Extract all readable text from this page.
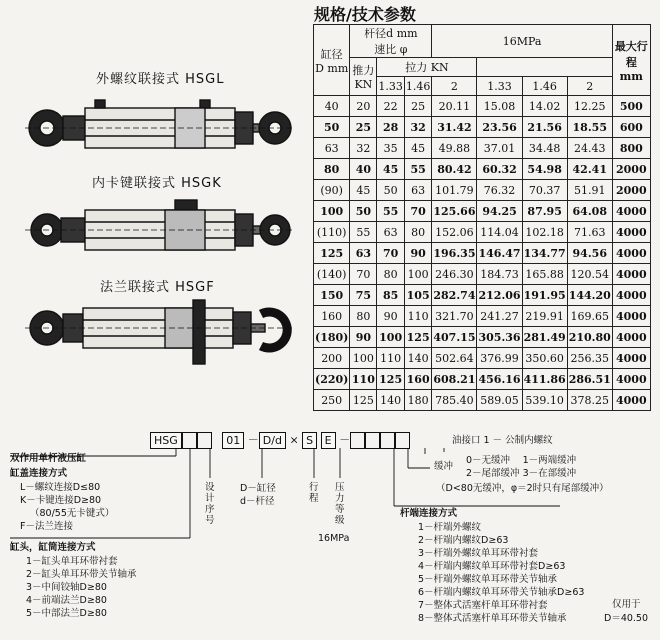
外螺纹联接式 HSGL
内卡键联接式 HSGK
法兰联接式 HSGF
规格/技术参数
缸径 D mm	杆径d mm
速比 φ			16MPa				最大行程 mm
	推力 KN	拉力 KN						
		1.33	1.46	2	1.33	1.46	2	
40	20	22	25	20.11	15.08	14.02	12.25	500
50	25	28	32	31.42	23.56	21.56	18.55	600
63	32	35	45	49.88	37.01	34.48	24.43	800
80	40	45	55	80.42	60.32	54.98	42.41	2000
(90)	45	50	63	101.79	76.32	70.37	51.91	2000
100	50	55	70	125.66	94.25	87.95	64.08	4000
(110)	55	63	80	152.06	114.04	102.18	71.63	4000
125	63	70	90	196.35	146.47	134.77	94.56	4000
(140)	70	80	100	246.30	184.73	165.88	120.54	4000
150	75	85	105	282.74	212.06	191.95	144.20	4000
160	80	90	110	321.70	241.27	219.91	169.65	4000
(180)	90	100	125	407.15	305.36	281.49	210.80	4000
200	100	110	140	502.64	376.99	350.60	256.35	4000
(220)	110	125	160	608.21	456.16	411.86	286.51	4000
250	125	140	180	785.40	589.05	539.10	378.25	4000
HSG	01 － D/d × S E －
双作用单杆液压缸
缸盖连接方式
L－螺纹连接D≤80
K－卡键连接D≥80
（80/55无卡键式）
F－法兰连接
缸头，缸筒连接方式
1－缸头单耳环带衬套
2－缸头单耳环带关节轴承
3－中间铰轴D≥80
4－前端法兰D≥80
5－中部法兰D≥80
设计序号
D－缸径
d－杆径
行程
压力等级
16MPa
油接口 1 － 公制内螺纹
缓冲
0－无缓冲　 1－两端缓冲
2－尾部缓冲 3－在部缓冲
（D<80无缓冲，φ＝2时只有尾部缓冲）
杆端连接方式
1－杆端外螺纹
2－杆端内螺纹D≥63
3－杆端外螺纹单耳环带衬套
4－杆端内螺纹单耳环带衬套D≥63
5－杆端外螺纹单耳环带关节轴承
6－杆端内螺纹单耳环带关节轴承D≥63
7－整体式活塞杆单耳环带衬套
8－整体式活塞杆单耳环带关节轴承
仅用于
D＝40.50
